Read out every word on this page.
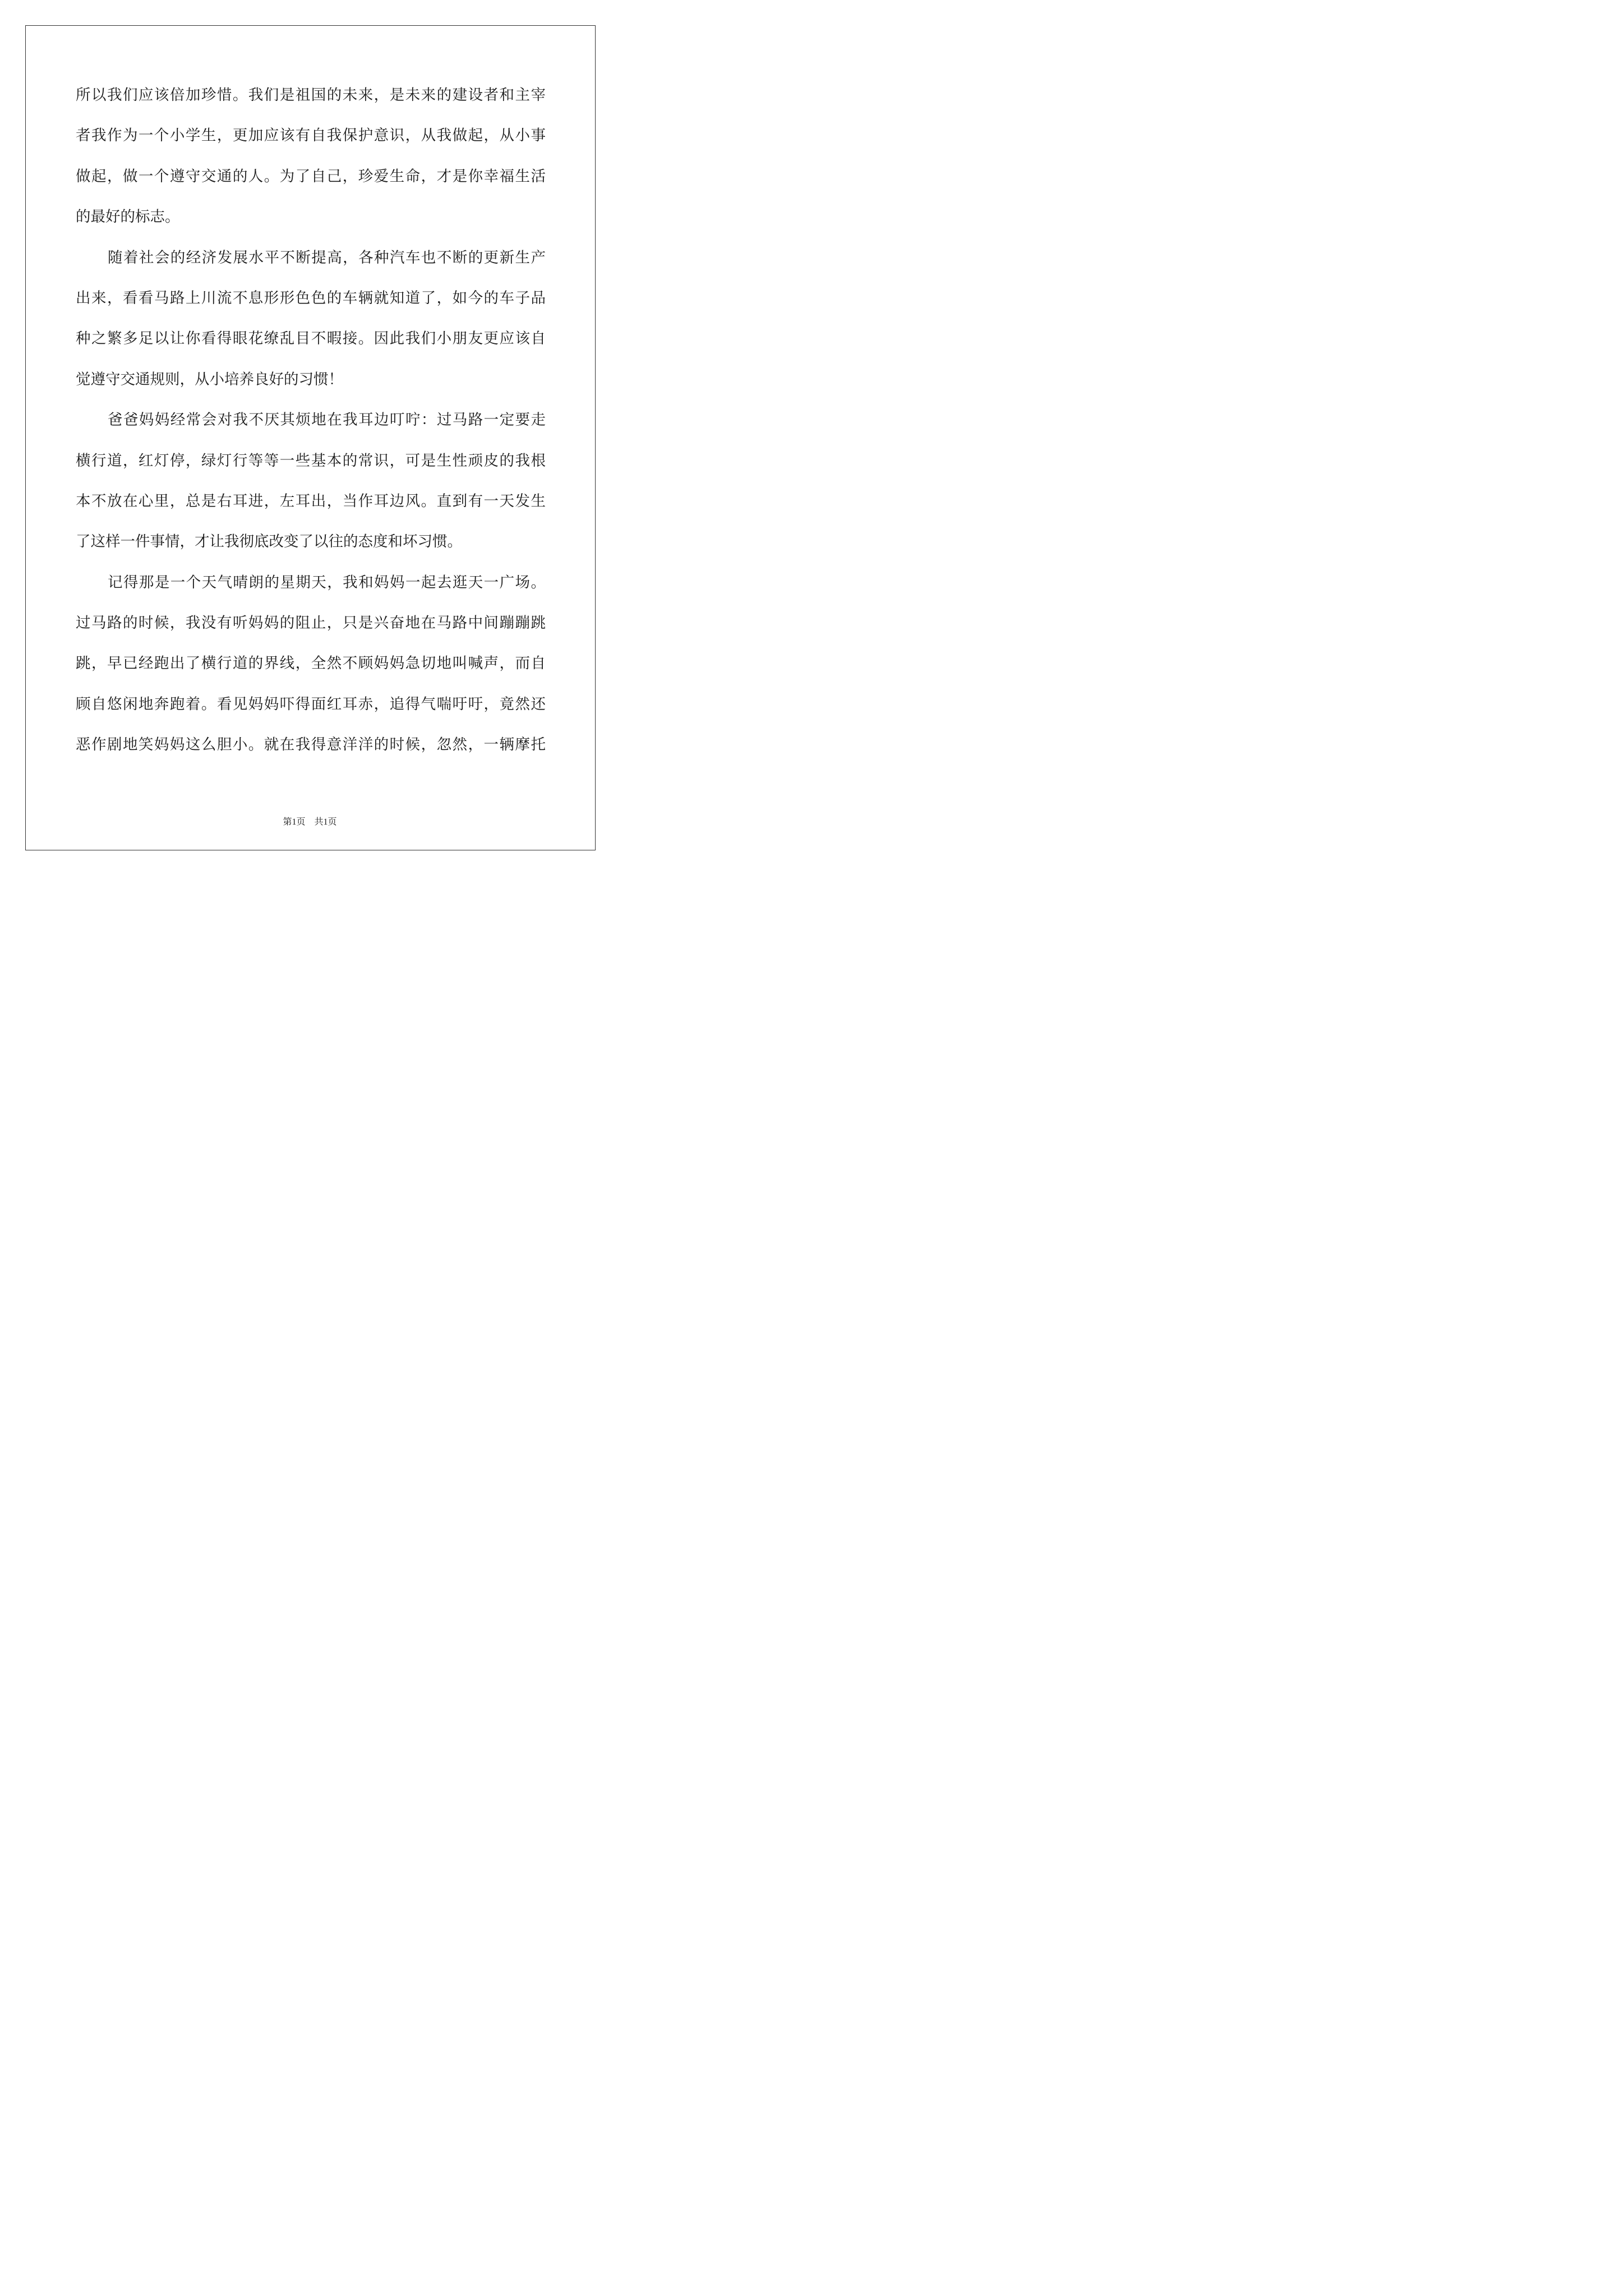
所以我们应该倍加珍惜。我们是祖国的未来，是未来的建设者和主宰
者我作为一个小学生，更加应该有自我保护意识，从我做起，从小事
做起，做一个遵守交通的人。为了自己，珍爱生命，才是你幸福生活
的最好的标志。
随着社会的经济发展水平不断提高，各种汽车也不断的更新生产
出来，看看马路上川流不息形形色色的车辆就知道了，如今的车子品
种之繁多足以让你看得眼花缭乱目不暇接。因此我们小朋友更应该自
觉遵守交通规则，从小培养良好的习惯！
爸爸妈妈经常会对我不厌其烦地在我耳边叮咛：过马路一定要走
横行道，红灯停，绿灯行等等一些基本的常识，可是生性顽皮的我根
本不放在心里，总是右耳进，左耳出，当作耳边风。直到有一天发生
了这样一件事情，才让我彻底改变了以往的态度和坏习惯。
记得那是一个天气晴朗的星期天，我和妈妈一起去逛天一广场。
过马路的时候，我没有听妈妈的阻止，只是兴奋地在马路中间蹦蹦跳
跳，早已经跑出了横行道的界线，全然不顾妈妈急切地叫喊声，而自
顾自悠闲地奔跑着。看见妈妈吓得面红耳赤，追得气喘吁吁，竟然还
恶作剧地笑妈妈这么胆小。就在我得意洋洋的时候，忽然，一辆摩托
第1页　共1页
